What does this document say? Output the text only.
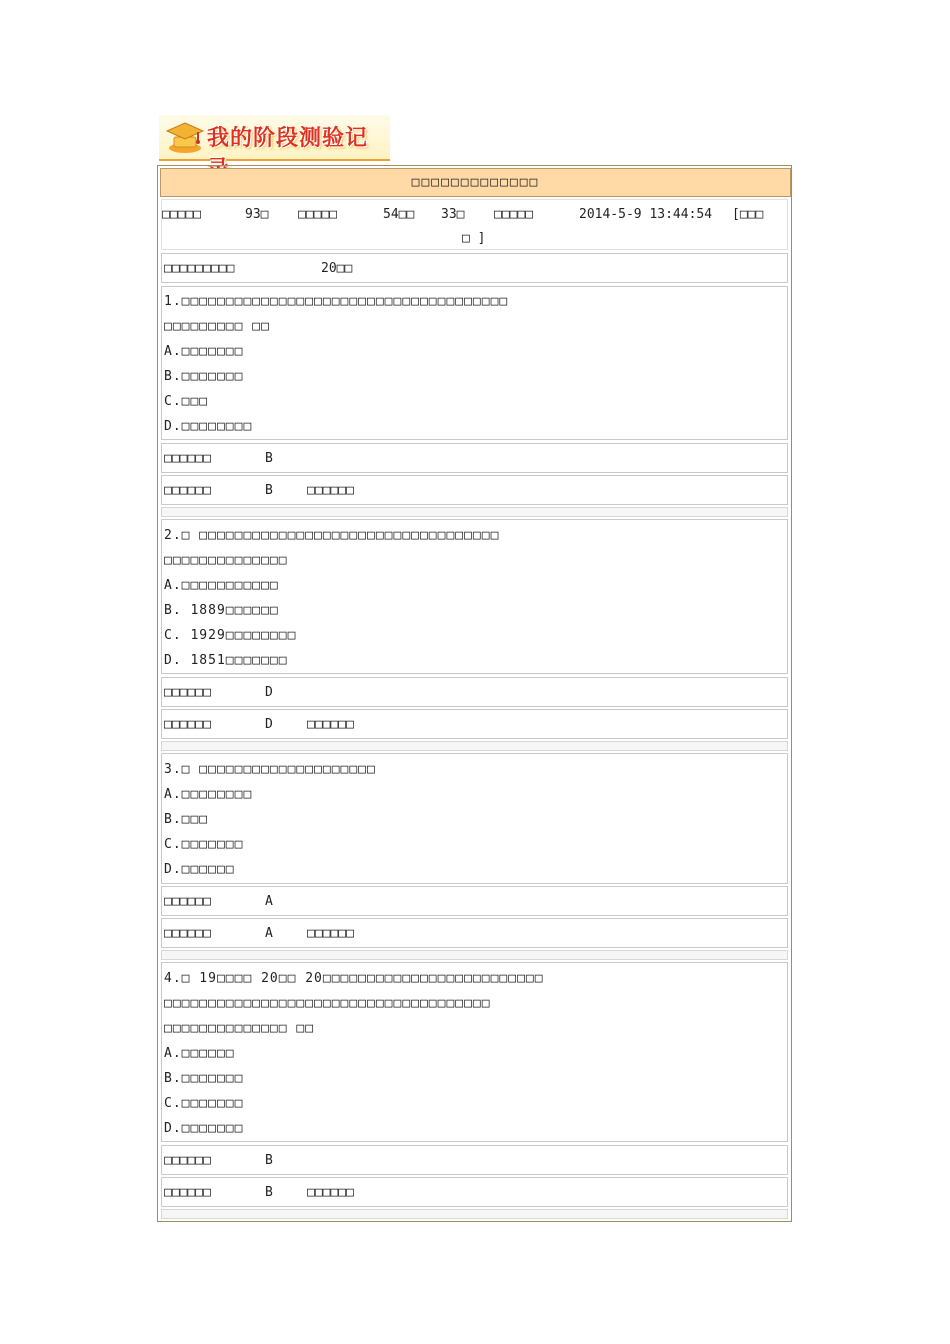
我的阶段测验记
□□□□□□□□□□□□□
□□□□□	93□ □□□□□	54□□ 33□ □□□□□	2014-5-9 13:44:54 [□□□
□ ]
□□□□□□□□□	20□□
1.□□□□□□□□□□□□□□□□□□□□□□□□□□□□□□□□□□□□□
□□□□□□□□□ □□
A.□□□□□□□
B.□□□□□□□
C.□□□
D.□□□□□□□□
□□□□□□	B
□□□□□□	B	□□□□□□
2.□ □□□□□□□□□□□□□□□□□□□□□□□□□□□□□□□□□□
□□□□□□□□□□□□□□
A.□□□□□□□□□□□
B. 1889□□□□□□
C. 1929□□□□□□□□
D. 1851□□□□□□□
□□□□□□	D
□□□□□□	D	□□□□□□
3.□ □□□□□□□□□□□□□□□□□□□□
A.□□□□□□□□
B.□□□
C.□□□□□□□
D.□□□□□□
□□□□□□	A
□□□□□□	A	□□□□□□
4.□ 19□□□□ 20□□ 20□□□□□□□□□□□□□□□□□□□□□□□□□
□□□□□□□□□□□□□□□□□□□□□□□□□□□□□□□□□□□□□
□□□□□□□□□□□□□□ □□
A.□□□□□□
B.□□□□□□□
C.□□□□□□□
D.□□□□□□□
□□□□□□	B
□□□□□□	B	□□□□□□
